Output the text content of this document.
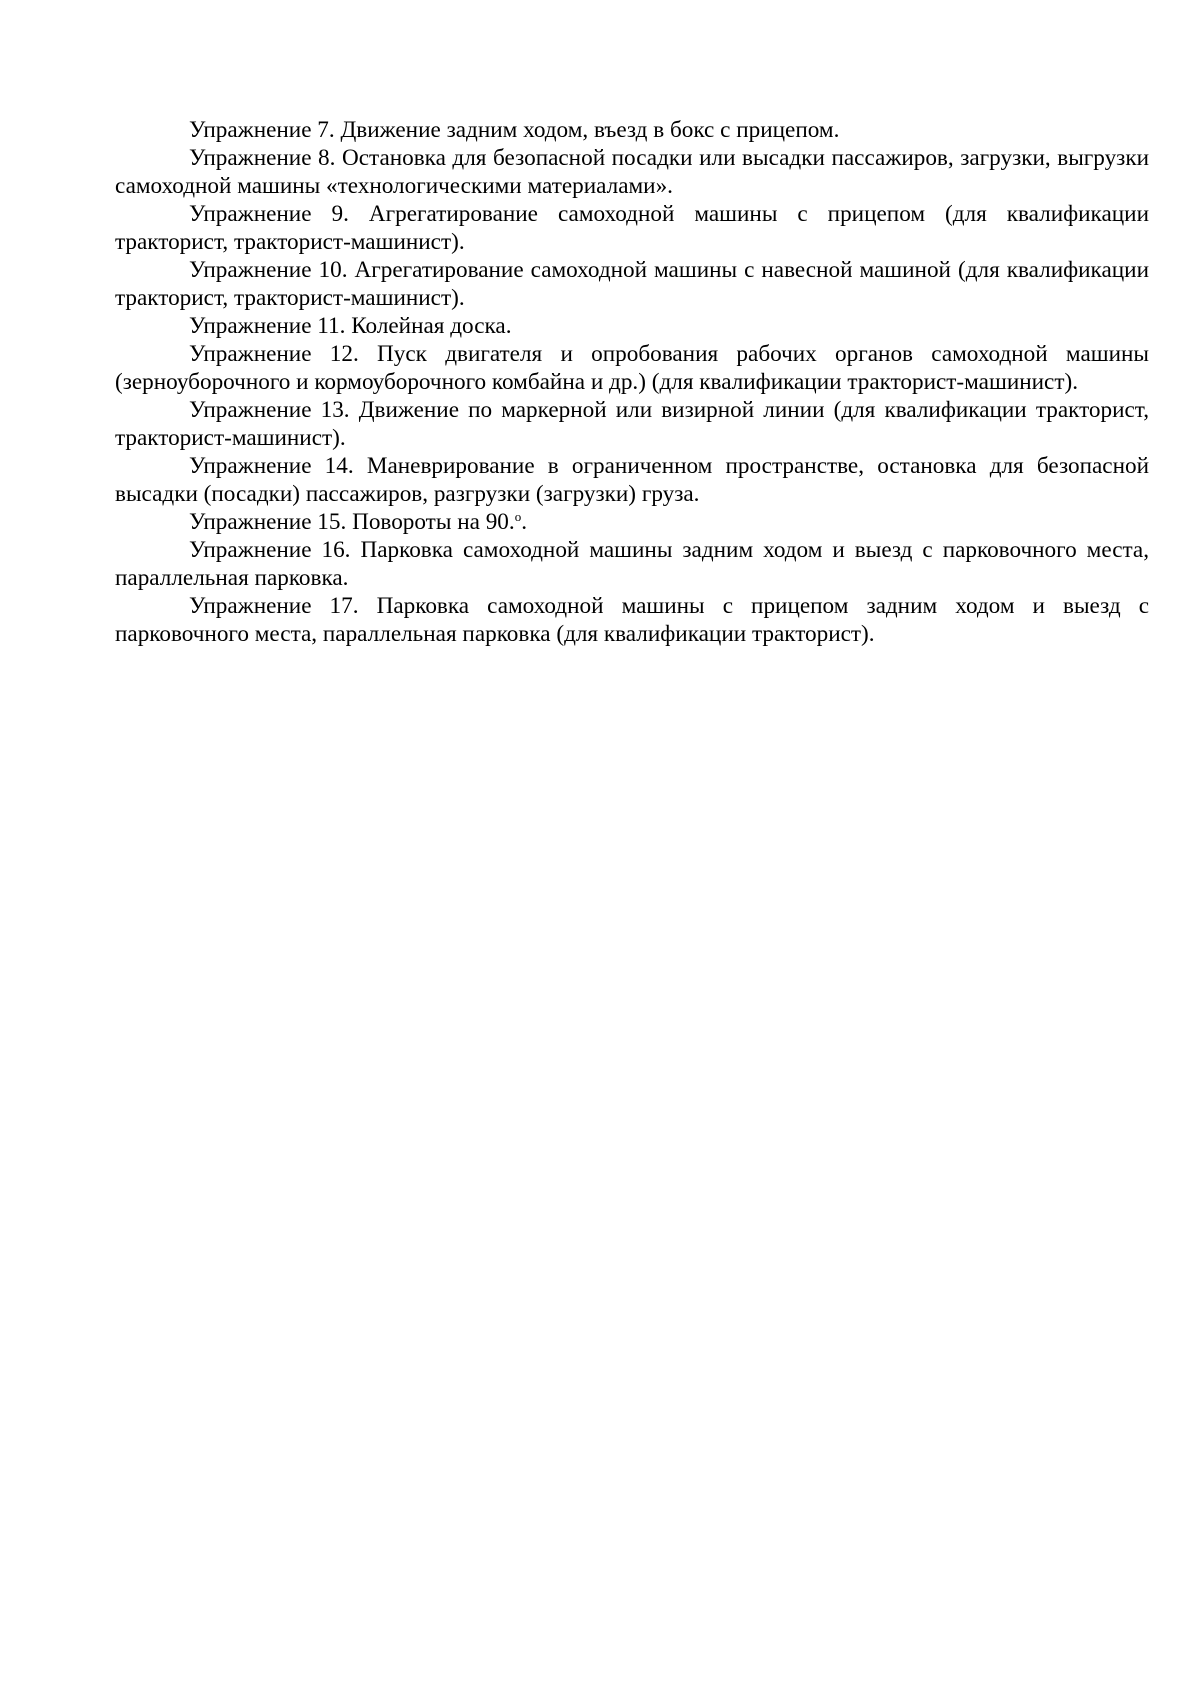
Упражнение 7. Движение задним ходом, въезд в бокс с прицепом.

Упражнение 8. Остановка для безопасной посадки или высадки пассажиров, загрузки, выгрузки самоходной машины «технологическими материалами».

Упражнение 9. Агрегатирование самоходной машины с прицепом (для квалификации тракторист, тракторист-машинист).

Упражнение 10. Агрегатирование самоходной машины с навесной машиной (для квалификации тракторист, тракторист-машинист).

Упражнение 11. Колейная доска.

Упражнение 12. Пуск двигателя и опробования рабочих органов самоходной машины (зерноуборочного и кормоуборочного комбайна и др.) (для квалификации тракторист-машинист).

Упражнение 13. Движение по маркерной или визирной линии (для квалификации тракторист, тракторист-машинист).

Упражнение 14. Маневрирование в ограниченном пространстве, остановка для безопасной высадки (посадки) пассажиров, разгрузки (загрузки) груза.

Упражнение 15. Повороты на 90.$^о$.

Упражнение 16. Парковка самоходной машины задним ходом и выезд с парковочного места, параллельная парковка.

Упражнение 17. Парковка самоходной машины с прицепом задним ходом и выезд с парковочного места, параллельная парковка (для квалификации тракторист).
